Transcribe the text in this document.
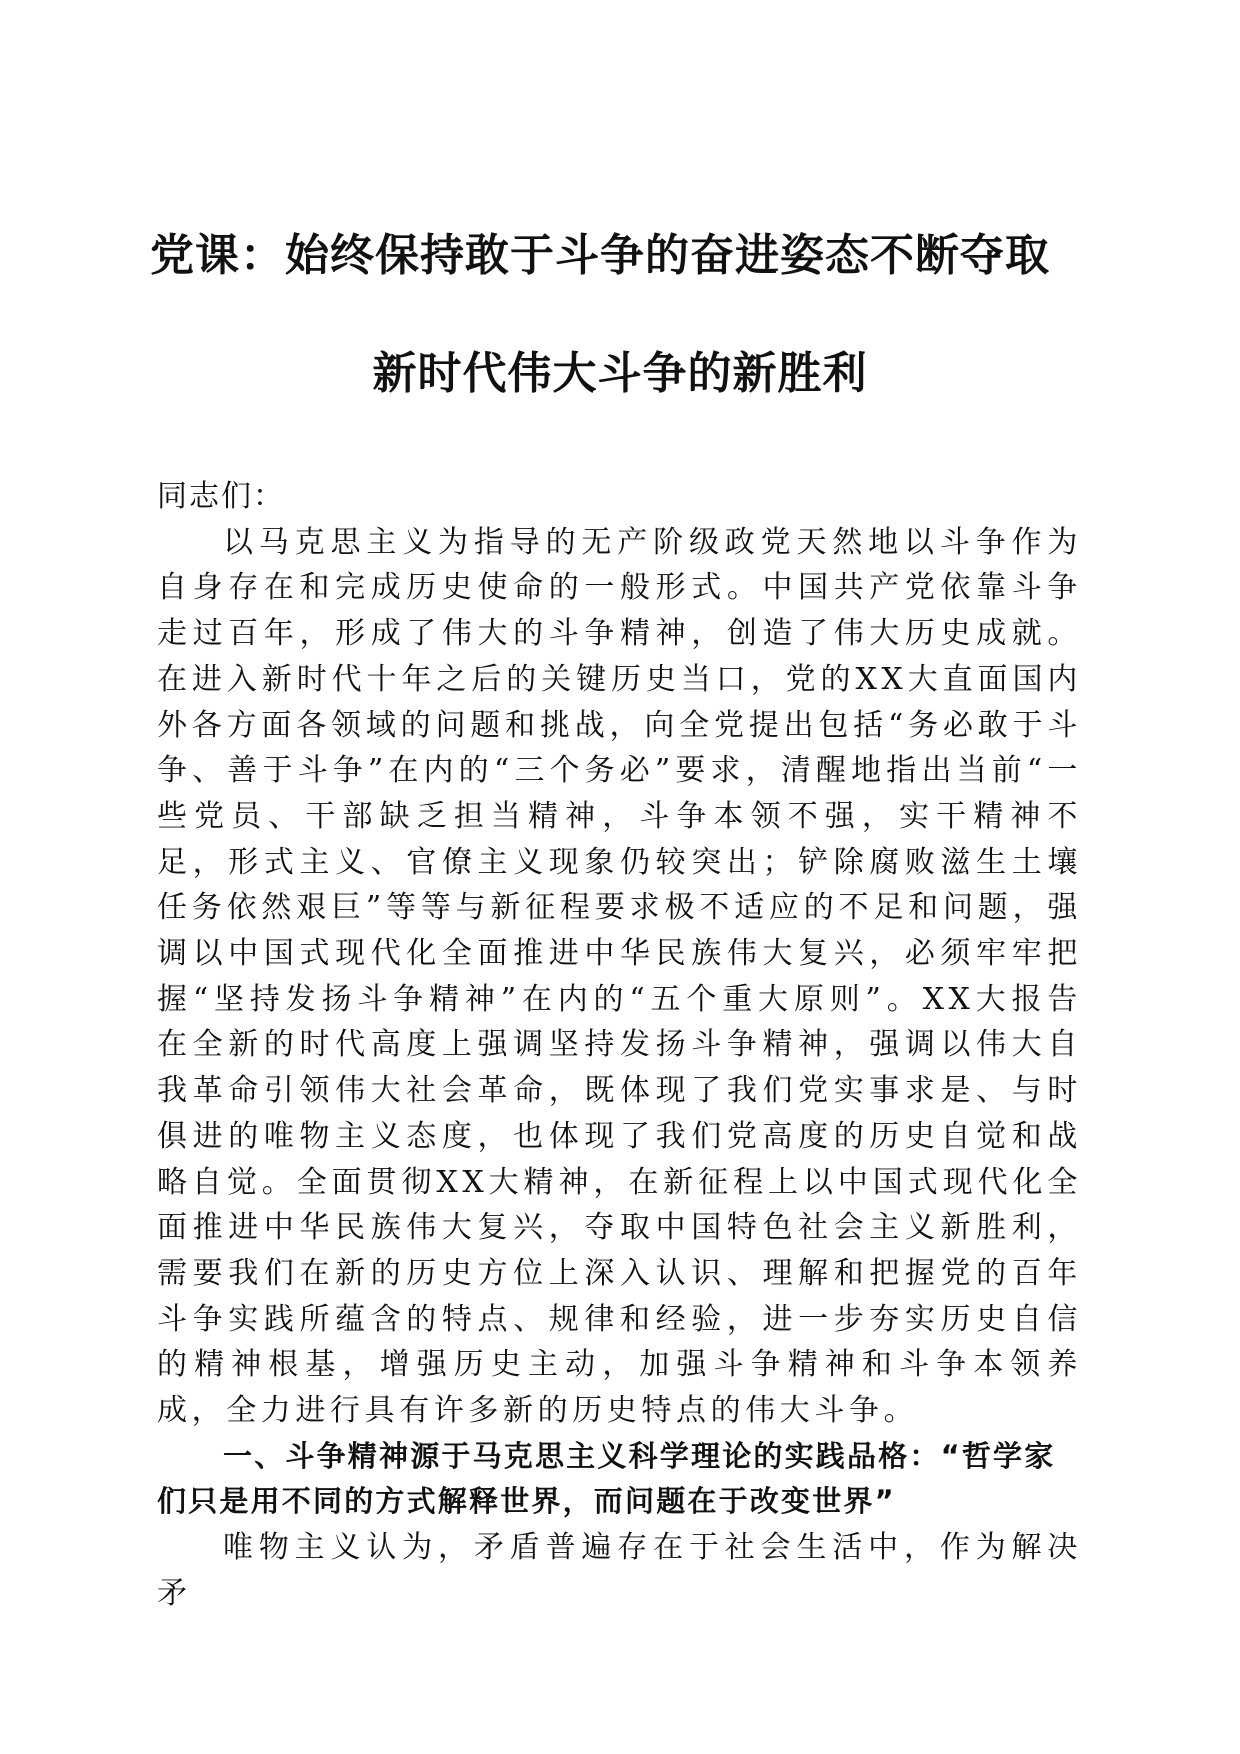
党课：始终保持敢于斗争的奋进姿态不断夺取
新时代伟大斗争的新胜利

同志们：

以马克思主义为指导的无产阶级政党天然地以斗争作为自身存在和完成历史使命的一般形式。中国共产党依靠斗争走过百年，形成了伟大的斗争精神，创造了伟大历史成就。在进入新时代十年之后的关键历史当口，党的XX大直面国内外各方面各领域的问题和挑战，向全党提出包括“务必敢于斗争、善于斗争”在内的“三个务必”要求，清醒地指出当前“一些党员、干部缺乏担当精神，斗争本领不强，实干精神不足，形式主义、官僚主义现象仍较突出；铲除腐败滋生土壤任务依然艰巨”等等与新征程要求极不适应的不足和问题，强调以中国式现代化全面推进中华民族伟大复兴，必须牢牢把握“坚持发扬斗争精神”在内的“五个重大原则”。XX大报告在全新的时代高度上强调坚持发扬斗争精神，强调以伟大自我革命引领伟大社会革命，既体现了我们党实事求是、与时俱进的唯物主义态度，也体现了我们党高度的历史自觉和战略自觉。全面贯彻XX大精神，在新征程上以中国式现代化全面推进中华民族伟大复兴，夺取中国特色社会主义新胜利，需要我们在新的历史方位上深入认识、理解和把握党的百年斗争实践所蕴含的特点、规律和经验，进一步夯实历史自信的精神根基，增强历史主动，加强斗争精神和斗争本领养成，全力进行具有许多新的历史特点的伟大斗争。

一、斗争精神源于马克思主义科学理论的实践品格：“哲学家们只是用不同的方式解释世界，而问题在于改变世界”

唯物主义认为，矛盾普遍存在于社会生活中，作为解决矛
